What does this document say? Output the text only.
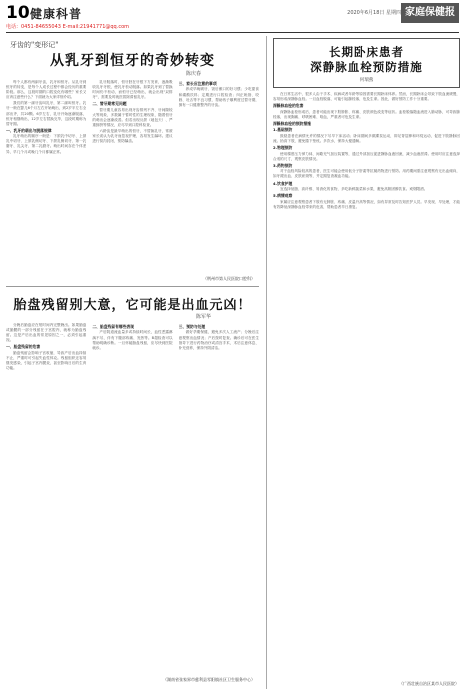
10 健康科普
电话：0451-84655043 E-mail:21941771@qq.com
2020年6月18日 星期四 家庭保健报
牙齿的"变形记"
从乳牙到恒牙的奇妙转变
陈庆春

每个人都有两副牙齿，乳牙和恒牙。从乳牙到恒牙的转变，是每个人成长过程中都会经历的重要阶段。那么，这段时期的口腔变化有哪些？家长又应该注意些什么？下面就为大家详细介绍。

我们的第一副牙齿叫乳牙，第二副叫恒牙。乳牙一般在婴儿6个月左右开始萌出，到2岁半左右全部出齐，共20颗。6岁左右，乳牙开始逐渐脱落，恒牙相继萌出，12岁左右替换完毕，这段时期称为替牙期。

一、乳牙的萌出与脱落规律

乳牙萌出的顺序一般是：下颌乳中切牙、上颌乳中切牙、上颌乳侧切牙、下颌乳侧切牙、第一乳磨牙、乳尖牙、第二乳磨牙。萌出时间存在个体差异，早几个月或晚几个月都属正常。

乳牙脱落时，恒牙胚在牙根下方发育，逐渐吸收乳牙牙根，使乳牙松动脱落。如果乳牙到了替换时间仍不松动，而恒牙已经萌出，就会出现"双排牙"，需要及时就医拔除滞留乳牙。

二、替牙期常见问题

替牙期儿童容易出现牙齿排列不齐、牙间隙较大等现象，多数属于暂时性的生理现象，随着恒牙的萌出会逐渐改善。但若出现反颌（地包天）、严重拥挤等情况，应尽早到口腔科检查。

六龄齿是最早萌出的恒牙，不替换乳牙，常被家长误认为乳牙而忽视护理，容易发生龋坏。建议进行窝沟封闭，预防龋齿。

三、家长应注意的事项

养成早晚刷牙、饭后漱口的好习惯；少吃甜食和碳酸饮料；定期进行口腔检查；纠正吮指、咬唇、吐舌等不良习惯，帮助孩子顺利度过替牙期，拥有一口健康整齐的牙齿。

（荆州市第人民医院口腔科）
胎盘残留别大意，它可能是出血元凶！
陈军华

分娩后胎盘应在短时间内完整娩出。如果胎盘或胎膜的一部分残留在子宫腔内，就称为胎盘残留。这是产后出血的常见原因之一，必须引起重视。

一、胎盘残留的危害

胎盘残留会影响子宫收缩，导致产后出血持续不止，严重时可引起失血性休克。残留组织还容易继发感染，引起子宫内膜炎，甚至影响日后的生育功能。

二、胎盘残留有哪些表现

产后阴道流血量多或持续时间长，血性恶露淋漓不尽，伴有下腹部疼痛、发热等。B超检查可以帮助明确诊断。一旦怀疑胎盘残留，应尽快到医院就诊。

三、预防与处理

做好孕期保健，避免多次人工流产；分娩后注意观察出血情况；产后按时复查。确诊后可在医生指导下进行药物治疗或清宫手术，术后注意休息、补充营养，保持外阴清洁。

（湖南省张家界市慈利县零阳镇社区卫生服务中心）
长期卧床患者
深静脉血栓预防措施
何瑞燕

在日常生活中，很多人由于手术、疾病或者年龄等原因需要长期卧床休养。然而，长期卧床会导致下肢血流缓慢，容易形成深静脉血栓。一旦血栓脱落，可能引起肺栓塞，危及生命。因此，做好预防工作十分重要。

深静脉血栓的危害

深静脉血栓形成后，患者可能出现下肢肿胀、疼痛、皮肤颜色改变等症状。血栓脱落随血流进入肺动脉，可导致肺栓塞，出现胸痛、呼吸困难、咯血，严重者可危及生命。

深静脉血栓的预防措施
1.基础预防

鼓励患者在病情允许的情况下尽早下床活动；卧床期间多做踝泵运动，即足背屈伸和环绕运动，促进下肢静脉回流。抬高下肢，避免膝下垫枕。多饮水，保持大便通畅。

2.物理预防

使用梯度压力弹力袜、间歇充气加压装置等，通过外部加压促进静脉血液回流，减少血液淤滞。使用时应注意选择合适的尺寸，观察皮肤情况。

3.药物预防

对于血栓风险较高的患者，医生可能会使用低分子肝素等抗凝药物进行预防。用药期间需注意观察有无出血倾向，如牙龈出血、皮肤瘀斑等，并定期复查凝血功能。

4.饮食护理

宜选择低脂、高纤维、易消化的食物，多吃新鲜蔬菜和水果，避免高胆固醇饮食。戒烟限酒。

5.病情观察

家属应注意观察患者下肢有无肿胀、疼痛、皮温升高等情况，如有异常及时告知医护人员。早发现、早处理，才能有效降低深静脉血栓带来的危害，帮助患者早日康复。

（广西壮族自治区某市人民医院）
